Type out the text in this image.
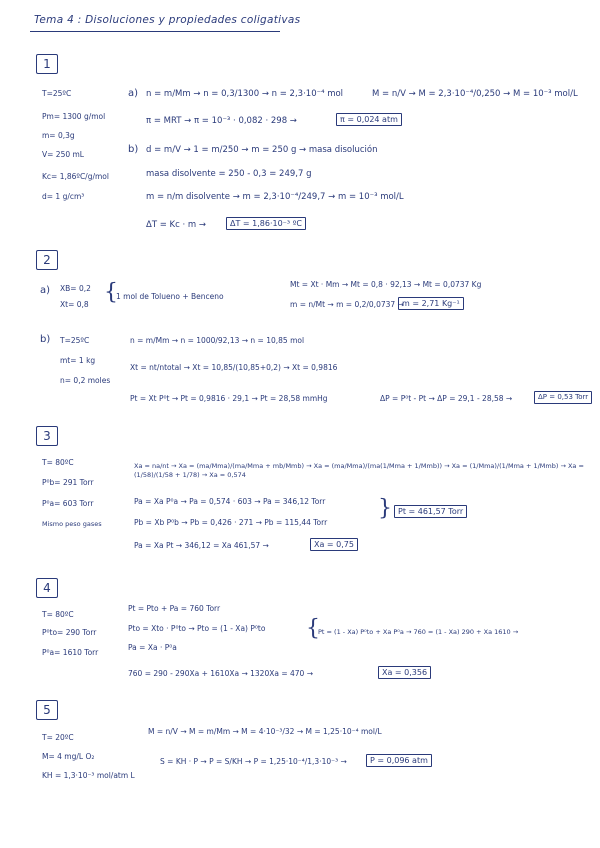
Tema 4 : Disoluciones y propiedades coligativas
1
T=25ºC
Pm= 1300 g/mol
m= 0,3g
V= 250 mL
Kc= 1,86ºC/g/mol
d= 1 g/cm³
a) n = m/Mm → n = 0,3/1300 → n = 2,3·10⁻⁴ mol	M = n/V → M = 2,3·10⁻⁴/0,250 → M = 10⁻³ mol/L
π = MRT → π = 10⁻³ · 0,082 · 298 →	π = 0,024 atm
b) d = m/V → 1 = m/250 → m = 250 g → masa disolución
masa disolvente = 250 - 0,3 = 249,7 g
m = n/m disolvente → m = 2,3·10⁻⁴/249,7 → m = 10⁻³ mol/L
ΔT = Kc · m →	ΔT = 1,86·10⁻³ ºC
2
a) XB= 0,2
Xt= 0,8 {
1 mol de Tolueno + Benceno
Mt = Xt · Mm → Mt = 0,8 · 92,13 → Mt = 0,0737 Kg
m = n/Mt → m = 0,2/0,0737 →
m = 2,71 Kg⁻¹
b) T=25ºC
mt= 1 kg
n= 0,2 moles
n = m/Mm → n = 1000/92,13 → n = 10,85 mol
Xt = nt/ntotal → Xt = 10,85/(10,85+0,2) → Xt = 0,9816
Pt = Xt P⁰t → Pt = 0,9816 · 29,1 → Pt = 28,58 mmHg	ΔP = P⁰t - Pt → ΔP = 29,1 - 28,58 →	ΔP = 0,53 Torr
3
T= 80ºC
P⁰b= 291 Torr
P⁰a= 603 Torr
Mismo peso gases
Xa = na/nt → Xa = (ma/Mma)/(ma/Mma + mb/Mmb) → Xa = (ma/Mma)/(ma(1/Mma + 1/Mmb)) → Xa = (1/Mma)/(1/Mma + 1/Mmb) → Xa = (1/58)/(1/58 + 1/78) → Xa = 0,574
Pa = Xa P⁰a → Pa = 0,574 · 603 → Pa = 346,12 Torr
Pb = Xb P⁰b → Pb = 0,426 · 271 → Pb = 115,44 Torr
} Pt = 461,57 Torr
Pa = Xa Pt → 346,12 = Xa 461,57 →	Xa = 0,75
4
T= 80ºC
P⁰to= 290 Torr
P⁰a= 1610 Torr
Pt = Pto + Pa = 760 Torr
Pto = Xto · P⁰to → Pto = (1 - Xa) P⁰to
Pa = Xa · P⁰a
{
Pt = (1 - Xa) P⁰to + Xa P⁰a → 760 = (1 - Xa) 290 + Xa 1610 →
760 = 290 - 290Xa + 1610Xa → 1320Xa = 470 →	Xa = 0,356
5
T= 20ºC
M= 4 mg/L O₂
KH = 1,3·10⁻³ mol/atm L
M = n/V → M = m/Mm → M = 4·10⁻³/32 → M = 1,25·10⁻⁴ mol/L
S = KH · P → P = S/KH → P = 1,25·10⁻⁴/1,3·10⁻³ →	P = 0,096 atm
